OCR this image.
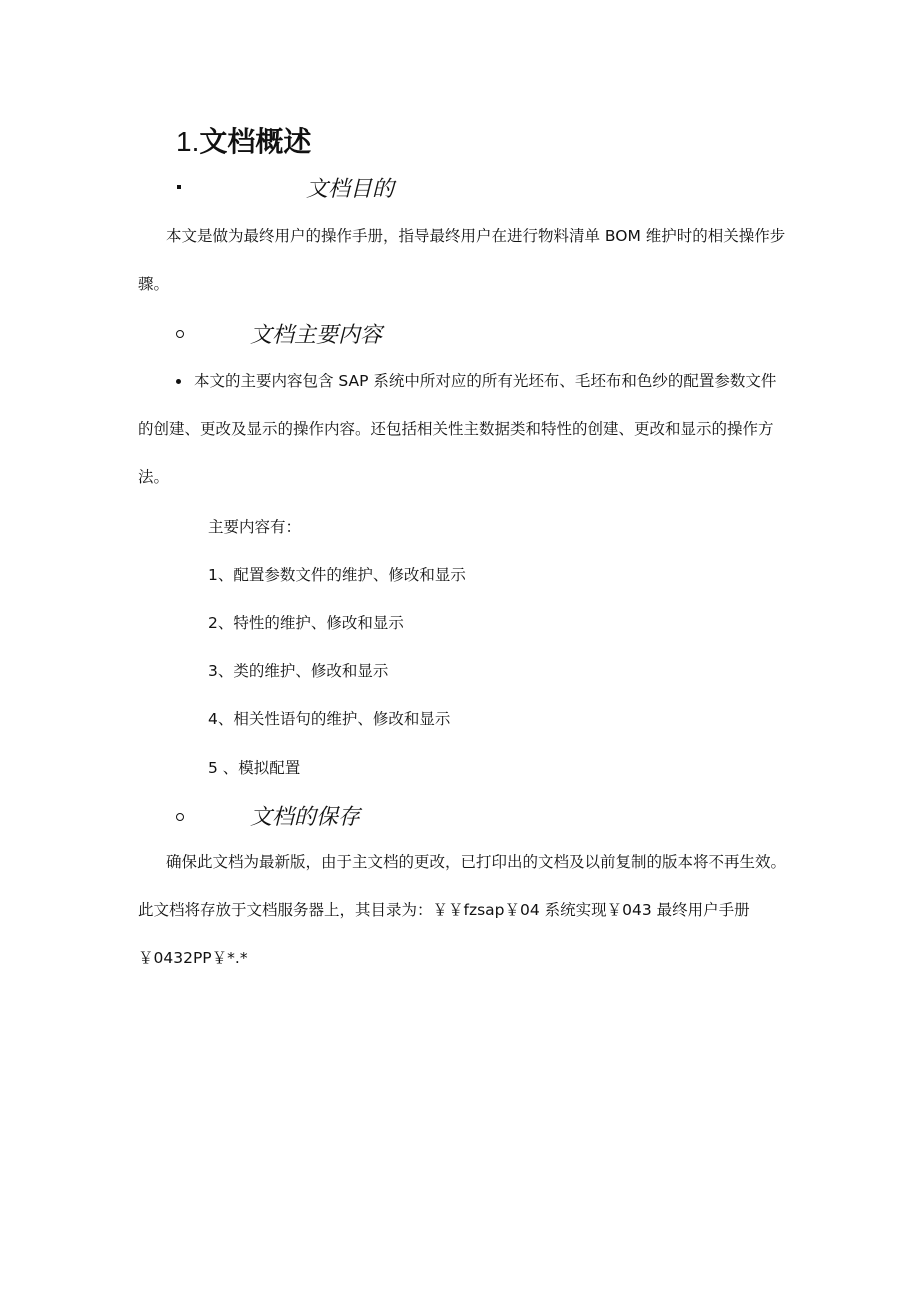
1.文档概述
文档目的
本文是做为最终用户的操作手册，指导最终用户在进行物料清单 BOM 维护时的相关操作步骤。
文档主要内容
本文的主要内容包含 SAP 系统中所对应的所有光坯布、毛坯布和色纱的配置参数文件的创建、更改及显示的操作内容。还包括相关性主数据类和特性的创建、更改和显示的操作方法。
主要内容有：
1、配置参数文件的维护、修改和显示
2、特性的维护、修改和显示
3、类的维护、修改和显示
4、相关性语句的维护、修改和显示
5 、模拟配置
文档的保存
确保此文档为最新版，由于主文档的更改，已打印出的文档及以前复制的版本将不再生效。此文档将存放于文档服务器上，其目录为：￥￥fzsap￥04 系统实现￥043 最终用户手册￥0432PP￥*.*
